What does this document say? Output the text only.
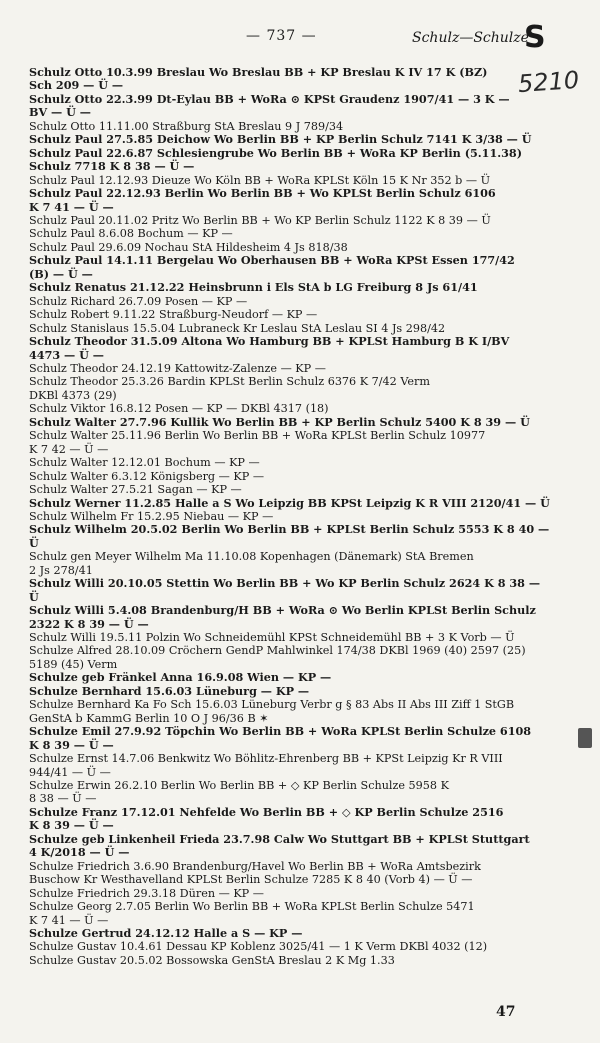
— 737 —	Schulz—Schulze
S
5210
Schulz Otto 10.3.99 Breslau Wo Breslau BB + KP Breslau K IV 17 K (BZ)
Sch 209 — Ü —
Schulz Otto 22.3.99 Dt-Eylau BB + WoRa ⊙ KPSt Graudenz 1907/41 — 3 K —
BV — Ü —
Schulz Otto 11.11.00 Straßburg StA Breslau 9 J 789/34
Schulz Paul 27.5.85 Deichow Wo Berlin BB + KP Berlin Schulz 7141 K 3/38 — Ü
Schulz Paul 22.6.87 Schlesiengrube Wo Berlin BB + WoRa KP Berlin (5.11.38)
Schulz 7718 K 8 38 — Ü —
Schulz Paul 12.12.93 Dieuze Wo Köln BB + WoRa KPLSt Köln 15 K Nr 352 b — Ü
Schulz Paul 22.12.93 Berlin Wo Berlin BB + Wo KPLSt Berlin Schulz 6106
K 7 41 — Ü —
Schulz Paul 20.11.02 Pritz Wo Berlin BB + Wo KP Berlin Schulz 1122 K 8 39 — Ü
Schulz Paul 8.6.08 Bochum — KP —
Schulz Paul 29.6.09 Nochau StA Hildesheim 4 Js 818/38
Schulz Paul 14.1.11 Bergelau Wo Oberhausen BB + WoRa KPSt Essen 177/42
(B) — Ü —
Schulz Renatus 21.12.22 Heinsbrunn i Els StA b LG Freiburg 8 Js 61/41
Schulz Richard 26.7.09 Posen — KP —
Schulz Robert 9.11.22 Straßburg-Neudorf — KP —
Schulz Stanislaus 15.5.04 Lubraneck Kr Leslau StA Leslau SI 4 Js 298/42
Schulz Theodor 31.5.09 Altona Wo Hamburg BB + KPLSt Hamburg B K I/BV
4473 — Ü —
Schulz Theodor 24.12.19 Kattowitz-Zalenze — KP —
Schulz Theodor 25.3.26 Bardin KPLSt Berlin Schulz 6376 K 7/42 Verm
DKBl 4373 (29)
Schulz Viktor 16.8.12 Posen — KP — DKBl 4317 (18)
Schulz Walter 27.7.96 Kullik Wo Berlin BB + KP Berlin Schulz 5400 K 8 39 — Ü
Schulz Walter 25.11.96 Berlin Wo Berlin BB + WoRa KPLSt Berlin Schulz 10977
K 7 42 — Ü —
Schulz Walter 12.12.01 Bochum — KP —
Schulz Walter 6.3.12 Königsberg — KP —
Schulz Walter 27.5.21 Sagan — KP —
Schulz Werner 11.2.85 Halle a S Wo Leipzig BB KPSt Leipzig K R VIII 2120/41 — Ü
Schulz Wilhelm Fr 15.2.95 Niebau — KP —
Schulz Wilhelm 20.5.02 Berlin Wo Berlin BB + KPLSt Berlin Schulz 5553 K 8 40 — Ü
Schulz gen Meyer Wilhelm Ma 11.10.08 Kopenhagen (Dänemark) StA Bremen
2 Js 278/41
Schulz Willi 20.10.05 Stettin Wo Berlin BB + Wo KP Berlin Schulz 2624 K 8 38 — Ü
Schulz Willi 5.4.08 Brandenburg/H BB + WoRa ⊙ Wo Berlin KPLSt Berlin Schulz
2322 K 8 39 — Ü —
Schulz Willi 19.5.11 Polzin Wo Schneidemühl KPSt Schneidemühl BB + 3 K Vorb — Ü
Schulze Alfred 28.10.09 Cröchern GendP Mahlwinkel 174/38 DKBl 1969 (40) 2597 (25)
5189 (45) Verm
Schulze geb Fränkel Anna 16.9.08 Wien — KP —
Schulze Bernhard 15.6.03 Lüneburg — KP —
Schulze Bernhard Ka Fo Sch 15.6.03 Lüneburg Verbr g § 83 Abs II Abs III Ziff 1 StGB
GenStA b KammG Berlin 10 O J 96/36 B ✶
Schulze Emil 27.9.92 Töpchin Wo Berlin BB + WoRa KPLSt Berlin Schulze 6108
K 8 39 — Ü —
Schulze Ernst 14.7.06 Benkwitz Wo Böhlitz-Ehrenberg BB + KPSt Leipzig Kr R VIII
944/41 — Ü —
Schulze Erwin 26.2.10 Berlin Wo Berlin BB + ◇ KP Berlin Schulze 5958 K
8 38 — Ü —
Schulze Franz 17.12.01 Nehfelde Wo Berlin BB + ◇ KP Berlin Schulze 2516
K 8 39 — Ü —
Schulze geb Linkenheil Frieda 23.7.98 Calw Wo Stuttgart BB + KPLSt Stuttgart
4 K/2018 — Ü —
Schulze Friedrich 3.6.90 Brandenburg/Havel Wo Berlin BB + WoRa Amtsbezirk
Buschow Kr Westhavelland KPLSt Berlin Schulze 7285 K 8 40 (Vorb 4) — Ü —
Schulze Friedrich 29.3.18 Düren — KP —
Schulze Georg 2.7.05 Berlin Wo Berlin BB + WoRa KPLSt Berlin Schulze 5471
K 7 41 — Ü —
Schulze Gertrud 24.12.12 Halle a S — KP —
Schulze Gustav 10.4.61 Dessau KP Koblenz 3025/41 — 1 K Verm DKBl 4032 (12)
Schulze Gustav 20.5.02 Bossowska GenStA Breslau 2 K Mg 1.33
47
